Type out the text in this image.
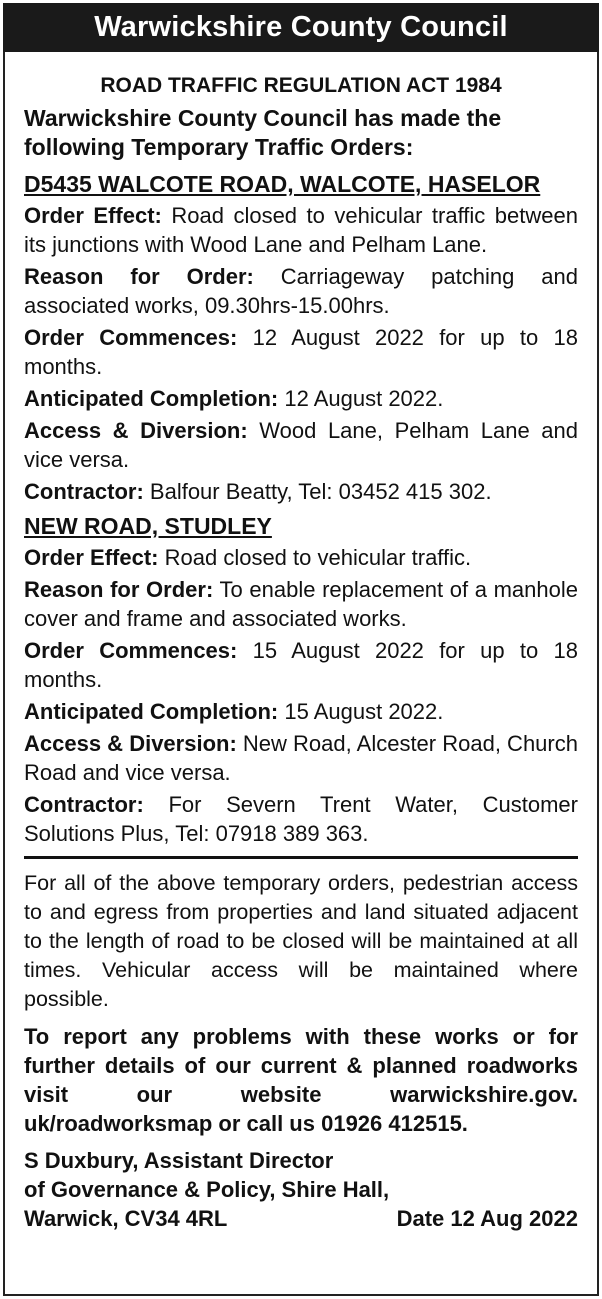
Warwickshire County Council
ROAD TRAFFIC REGULATION ACT 1984
Warwickshire County Council has made the following Temporary Traffic Orders:
D5435 WALCOTE ROAD, WALCOTE, HASELOR

Order Effect: Road closed to vehicular traffic between its junctions with Wood Lane and Pelham Lane.

Reason for Order: Carriageway patching and associated works, 09.30hrs-15.00hrs.

Order Commences: 12 August 2022 for up to 18 months.

Anticipated Completion: 12 August 2022.

Access & Diversion: Wood Lane, Pelham Lane and vice versa.

Contractor: Balfour Beatty, Tel: 03452 415 302.

NEW ROAD, STUDLEY

Order Effect: Road closed to vehicular traffic.

Reason for Order: To enable replacement of a manhole cover and frame and associated works.

Order Commences: 15 August 2022 for up to 18 months.

Anticipated Completion: 15 August 2022.

Access & Diversion: New Road, Alcester Road, Church Road and vice versa.

Contractor: For Severn Trent Water, Customer Solutions Plus, Tel: 07918 389 363.

For all of the above temporary orders, pedestrian access to and egress from properties and land situated adjacent to the length of road to be closed will be maintained at all times. Vehicular access will be maintained where possible.

To report any problems with these works or for further details of our current & planned roadworks visit our website warwickshire.gov. uk/roadworksmap or call us 01926 412515.

S Duxbury, Assistant Director
of Governance & Policy, Shire Hall,
Warwick, CV34 4RL	Date 12 Aug 2022
